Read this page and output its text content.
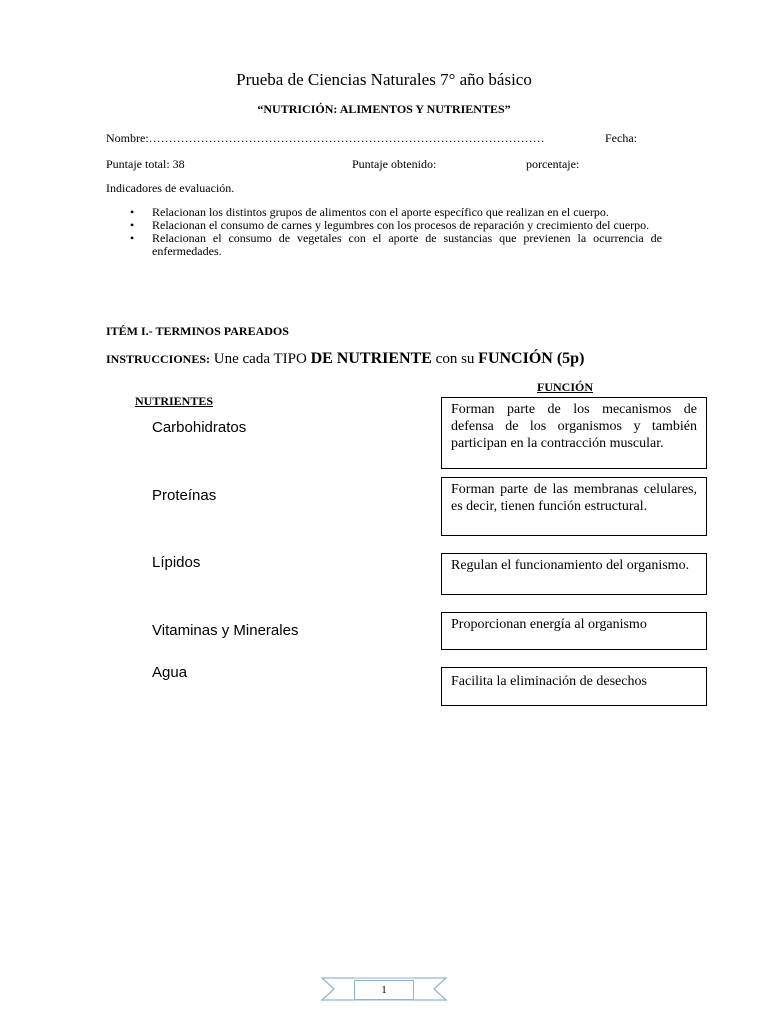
Prueba de Ciencias Naturales 7° año básico
“NUTRICIÓN: ALIMENTOS Y NUTRIENTES”
Nombre:………………………………………………………………………………………	Fecha:
Puntaje total: 38	Puntaje obtenido:	porcentaje:
Indicadores de evaluación.
• Relacionan los distintos grupos de alimentos con el aporte específico que realizan en el cuerpo.
• Relacionan el consumo de carnes y legumbres con los procesos de reparación y crecimiento del cuerpo.
• Relacionan el consumo de vegetales con el aporte de sustancias que previenen la ocurrencia de enfermedades.
ITÉM I.- TERMINOS PAREADOS
INSTRUCCIONES: Une cada TIPO DE NUTRIENTE con su FUNCIÓN (5p)
FUNCIÓN
NUTRIENTES
Carbohidratos
Proteínas
Lípidos
Vitaminas y Minerales
Agua
Forman parte de los mecanismos de defensa de los organismos y también participan en la contracción muscular.
Forman parte de las membranas celulares, es decir, tienen función estructural.
Regulan el funcionamiento del organismo.
Proporcionan energía al organismo
Facilita la eliminación de desechos
1
